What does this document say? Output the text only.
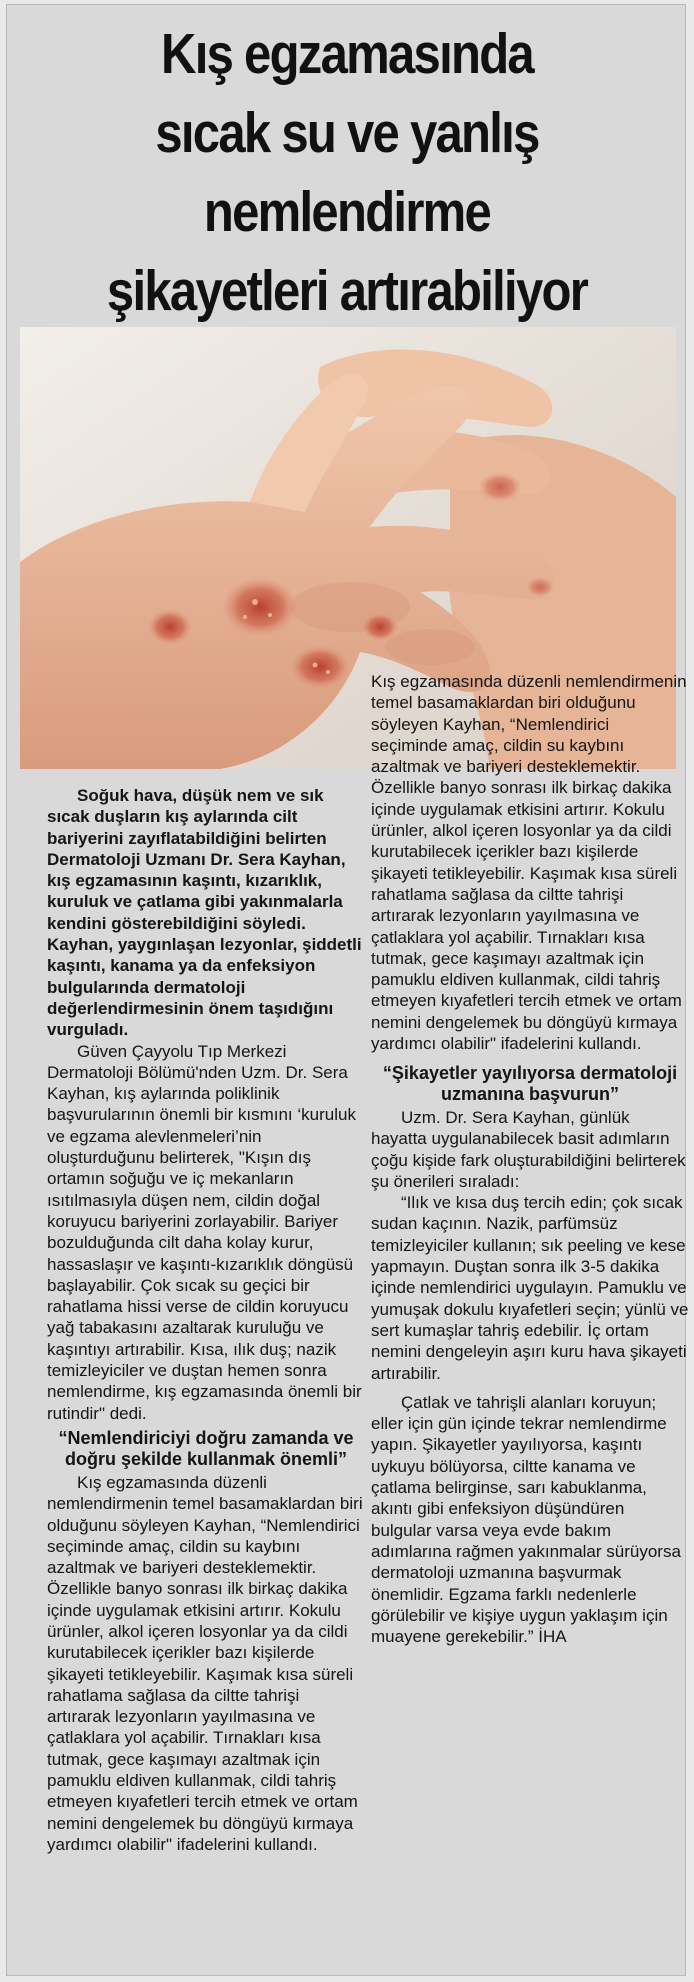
Kış egzamasında
sıcak su ve yanlış
nemlendirme
şikayetleri artırabiliyor

Soğuk hava, düşük nem ve sık sıcak duşların kış aylarında cilt bariyerini zayıflatabildiğini belirten Dermatoloji Uzmanı Dr. Sera Kayhan, kış egzamasının kaşıntı, kızarıklık, kuruluk ve çatlama gibi yakınmalarla kendini gösterebildiğini söyledi. Kayhan, yaygınlaşan lezyonlar, şiddetli kaşıntı, kanama ya da enfeksiyon bulgularında dermatoloji değerlendirmesinin önem taşıdığını vurguladı.

Güven Çayyolu Tıp Merkezi Dermatoloji Bölümü'nden Uzm. Dr. Sera Kayhan, kış aylarında poliklinik başvurularının önemli bir kısmını ‘kuruluk ve egzama alevlenmeleri’nin oluşturduğunu belirterek, "Kışın dış ortamın soğuğu ve iç mekanların ısıtılmasıyla düşen nem, cildin doğal koruyucu bariyerini zorlayabilir. Bariyer bozulduğunda cilt daha kolay kurur, hassaslaşır ve kaşıntı-kızarıklık döngüsü başlayabilir. Çok sıcak su geçici bir rahatlama hissi verse de cildin koruyucu yağ tabakasını azaltarak kuruluğu ve kaşıntıyı artırabilir. Kısa, ılık duş; nazik temizleyiciler ve duştan hemen sonra nemlendirme, kış egzamasında önemli bir rutindir" dedi.

“Nemlendiriciyi doğru zamanda ve doğru şekilde kullanmak önemli”

Kış egzamasında düzenli nemlendirmenin temel basamaklardan biri olduğunu söyleyen Kayhan, “Nemlendirici seçiminde amaç, cildin su kaybını azaltmak ve bariyeri desteklemektir. Özellikle banyo sonrası ilk birkaç dakika içinde uygulamak etkisini artırır. Kokulu ürünler, alkol içeren losyonlar ya da cildi kurutabilecek içerikler bazı kişilerde şikayeti tetikleyebilir. Kaşımak kısa süreli rahatlama sağlasa da ciltte tahrişi artırarak lezyonların yayılmasına ve çatlaklara yol açabilir. Tırnakları kısa tutmak, gece kaşımayı azaltmak için pamuklu eldiven kullanmak, cildi tahriş etmeyen kıyafetleri tercih etmek ve ortam nemini dengelemek bu döngüyü kırmaya yardımcı olabilir" ifadelerini kullandı.

Kış egzamasında düzenli nemlendirmenin temel basamaklardan biri olduğunu söyleyen Kayhan, “Nemlendirici seçiminde amaç, cildin su kaybını azaltmak ve bariyeri desteklemektir. Özellikle banyo sonrası ilk birkaç dakika içinde uygulamak etkisini artırır. Kokulu ürünler, alkol içeren losyonlar ya da cildi kurutabilecek içerikler bazı kişilerde şikayeti tetikleyebilir. Kaşımak kısa süreli rahatlama sağlasa da ciltte tahrişi artırarak lezyonların yayılmasına ve çatlaklara yol açabilir. Tırnakları kısa tutmak, gece kaşımayı azaltmak için pamuklu eldiven kullanmak, cildi tahriş etmeyen kıyafetleri tercih etmek ve ortam nemini dengelemek bu döngüyü kırmaya yardımcı olabilir" ifadelerini kullandı.

“Şikayetler yayılıyorsa dermatoloji uzmanına başvurun”

Uzm. Dr. Sera Kayhan, günlük hayatta uygulanabilecek basit adımların çoğu kişide fark oluşturabildiğini belirterek şu önerileri sıraladı:

“Ilık ve kısa duş tercih edin; çok sıcak sudan kaçının. Nazik, parfümsüz temizleyiciler kullanın; sık peeling ve kese yapmayın. Duştan sonra ilk 3-5 dakika içinde nemlendirici uygulayın. Pamuklu ve yumuşak dokulu kıyafetleri seçin; yünlü ve sert kumaşlar tahriş edebilir. İç ortam nemini dengeleyin aşırı kuru hava şikayeti artırabilir.

Çatlak ve tahrişli alanları koruyun; eller için gün içinde tekrar nemlendirme yapın. Şikayetler yayılıyorsa, kaşıntı uykuyu bölüyorsa, ciltte kanama ve çatlama belirginse, sarı kabuklanma, akıntı gibi enfeksiyon düşündüren bulgular varsa veya evde bakım adımlarına rağmen yakınmalar sürüyorsa dermatoloji uzmanına başvurmak önemlidir. Egzama farklı nedenlerle görülebilir ve kişiye uygun yaklaşım için muayene gerekebilir.” İHA
